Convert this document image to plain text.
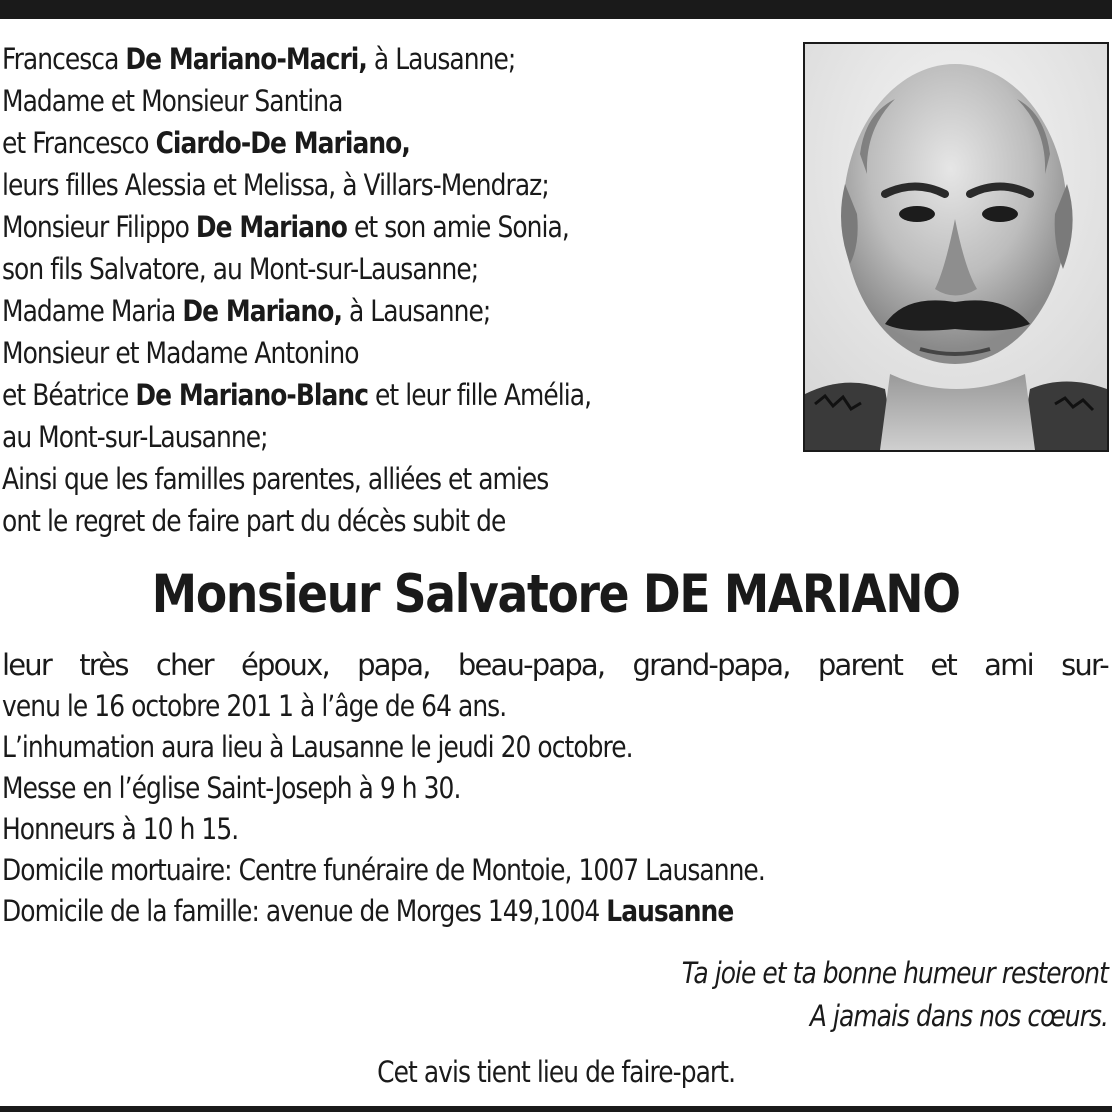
Francesca De Mariano-Macri, à Lausanne;
Madame et Monsieur Santina
et Francesco Ciardo-De Mariano,
leurs filles Alessia et Melissa, à Villars-Mendraz;
Monsieur Filippo De Mariano et son amie Sonia,
son fils Salvatore, au Mont-sur-Lausanne;
Madame Maria De Mariano, à Lausanne;
Monsieur et Madame Antonino
et Béatrice De Mariano-Blanc et leur fille Amélia,
au Mont-sur-Lausanne;
Ainsi que les familles parentes, alliées et amies
ont le regret de faire part du décès subit de
Monsieur Salvatore DE MARIANO
leur très cher époux, papa, beau-papa, grand-papa, parent et ami sur-
venu le 16 octobre 201 1 à l’âge de 64 ans.
L’inhumation aura lieu à Lausanne le jeudi 20 octobre.
Messe en l’église Saint-Joseph à 9 h 30.
Honneurs à 10 h 15.
Domicile mortuaire: Centre funéraire de Montoie, 1007 Lausanne.
Domicile de la famille: avenue de Morges 149,1004 Lausanne
Ta joie et ta bonne humeur resteront
A jamais dans nos cœurs.

Cet avis tient lieu de faire-part.
